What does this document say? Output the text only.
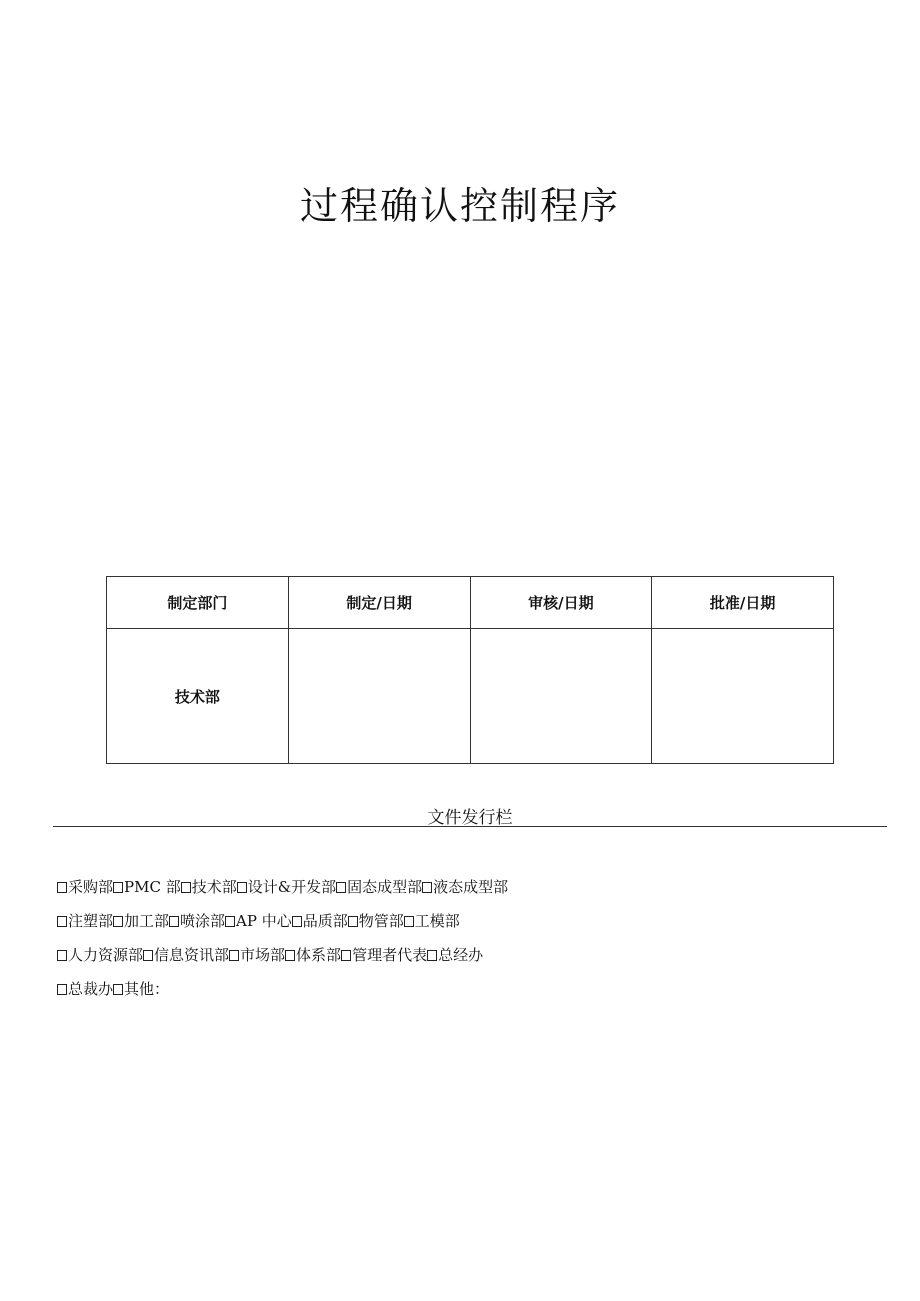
过程确认控制程序
制定部门	制定/日期	审核/日期	批准/日期
技术部			
文件发行栏
采购部 PMC 部 技术部 设计&开发部 固态成型部 液态成型部
注塑部 加工部 喷涂部 AP 中心 品质部 物管部 工模部
人力资源部 信息资讯部 市场部 体系部 管理者代表 总经办
总裁办 其他：
